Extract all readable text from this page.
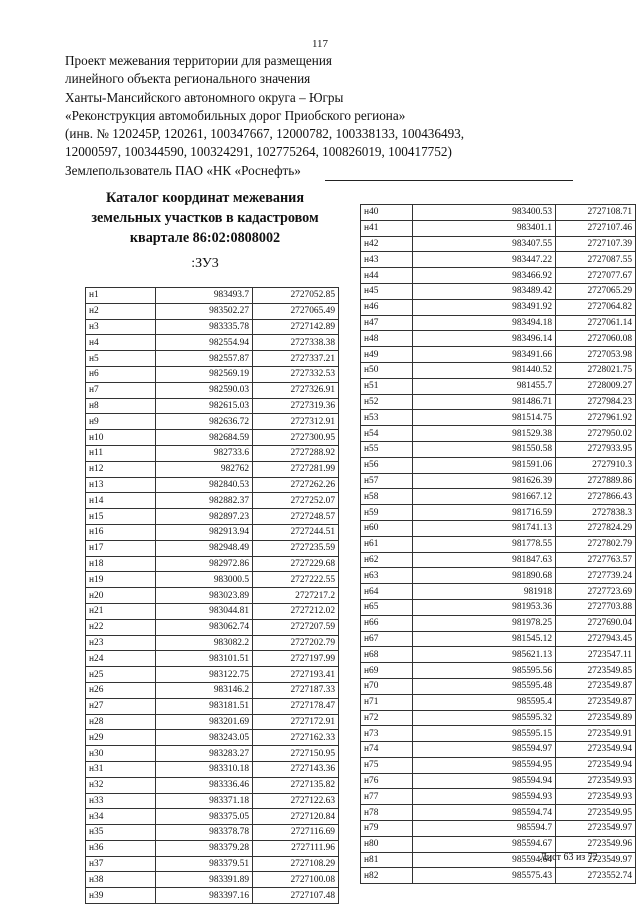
117
Проект межевания территории для размещения
линейного объекта регионального значения
Ханты-Мансийского автономного округа – Югры
«Реконструкция автомобильных дорог Приобского региона»
(инв. № 120245Р, 120261, 100347667, 12000782, 100338133, 100436493,
12000597, 100344590, 100324291, 102775264, 100826019, 100417752)
Землепользователь ПАО «НК «Роснефть»
Каталог координат межевания
земельных участков в кадастровом
квартале 86:02:0808002
:ЗУ3
н1	983493.7	2727052.85
н2	983502.27	2727065.49
н3	983335.78	2727142.89
н4	982554.94	2727338.38
н5	982557.87	2727337.21
н6	982569.19	2727332.53
н7	982590.03	2727326.91
н8	982615.03	2727319.36
н9	982636.72	2727312.91
н10	982684.59	2727300.95
н11	982733.6	2727288.92
н12	982762	2727281.99
н13	982840.53	2727262.26
н14	982882.37	2727252.07
н15	982897.23	2727248.57
н16	982913.94	2727244.51
н17	982948.49	2727235.59
н18	982972.86	2727229.68
н19	983000.5	2727222.55
н20	983023.89	2727217.2
н21	983044.81	2727212.02
н22	983062.74	2727207.59
н23	983082.2	2727202.79
н24	983101.51	2727197.99
н25	983122.75	2727193.41
н26	983146.2	2727187.33
н27	983181.51	2727178.47
н28	983201.69	2727172.91
н29	983243.05	2727162.33
н30	983283.27	2727150.95
н31	983310.18	2727143.36
н32	983336.46	2727135.82
н33	983371.18	2727122.63
н34	983375.05	2727120.84
н35	983378.78	2727116.69
н36	983379.28	2727111.96
н37	983379.51	2727108.29
н38	983391.89	2727100.08
н39	983397.16	2727107.48
н40	983400.53	2727108.71
н41	983401.1	2727107.46
н42	983407.55	2727107.39
н43	983447.22	2727087.55
н44	983466.92	2727077.67
н45	983489.42	2727065.29
н46	983491.92	2727064.82
н47	983494.18	2727061.14
н48	983496.14	2727060.08
н49	983491.66	2727053.98
н50	981440.52	2728021.75
н51	981455.7	2728009.27
н52	981486.71	2727984.23
н53	981514.75	2727961.92
н54	981529.38	2727950.02
н55	981550.58	2727933.95
н56	981591.06	2727910.3
н57	981626.39	2727889.86
н58	981667.12	2727866.43
н59	981716.59	2727838.3
н60	981741.13	2727824.29
н61	981778.55	2727802.79
н62	981847.63	2727763.57
н63	981890.68	2727739.24
н64	981918	2727723.69
н65	981953.36	2727703.88
н66	981978.25	2727690.04
н67	981545.12	2727943.45
н68	985621.13	2723547.11
н69	985595.56	2723549.85
н70	985595.48	2723549.87
н71	985595.4	2723549.87
н72	985595.32	2723549.89
н73	985595.15	2723549.91
н74	985594.97	2723549.94
н75	985594.95	2723549.94
н76	985594.94	2723549.93
н77	985594.93	2723549.93
н78	985594.74	2723549.95
н79	985594.7	2723549.97
н80	985594.67	2723549.96
н81	985594.64	2723549.97
н82	985575.43	2723552.74
Лист 63 из 72
